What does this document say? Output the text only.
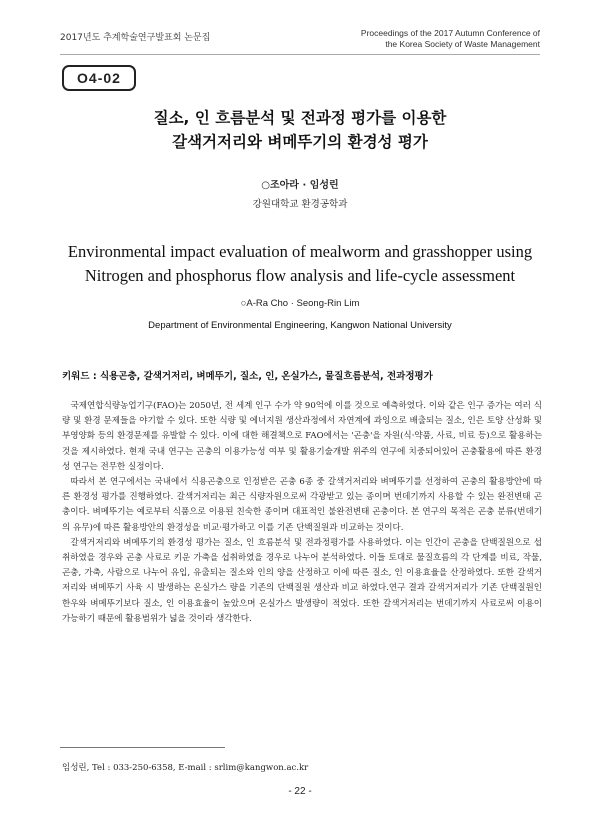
2017년도 추계학술연구발표회 논문집	Proceedings of the 2017 Autumn Conference of
the Korea Society of Waste Management
O4-02
질소, 인 흐름분석 및 전과정 평가를 이용한
갈색거저리와 벼메뚜기의 환경성 평가
○조아라 · 임성린
강원대학교 환경공학과
Environmental impact evaluation of mealworm and grasshopper using
Nitrogen and phosphorus flow analysis and life-cycle assessment
○A-Ra Cho · Seong-Rin Lim
Department of Environmental Engineering, Kangwon National University
키워드 : 식용곤충, 갈색거저리, 벼메뚜기, 질소, 인, 온실가스, 물질흐름분석, 전과정평가

국제연합식량농업기구(FAO)는 2050년, 전 세계 인구 수가 약 90억에 이를 것으로 예측하였다. 이와 같은 인구 증가는 여러 식량 및 환경 문제들을 야기할 수 있다. 또한 식량 및 에너지원 생산과정에서 자연계에 과잉으로 배출되는 질소, 인은 토양 산성화 및 부영양화 등의 환경문제를 유발할 수 있다. 이에 대한 해결책으로 FAO에서는 '곤충'을 자원(식·약품, 사료, 비료 등)으로 활용하는 것을 제시하였다. 현재 국내 연구는 곤충의 이용가능성 여부 및 활용기술개발 위주의 연구에 치중되어있어 곤충활용에 따른 환경성 연구는 전무한 실정이다.

따라서 본 연구에서는 국내에서 식용곤충으로 인정받은 곤충 6종 중 갈색거저리와 벼메뚜기를 선정하여 곤충의 활용방안에 따른 환경성 평가를 진행하였다. 갈색거저리는 최근 식량자원으로써 각광받고 있는 종이며 번데기까지 사용할 수 있는 완전변태 곤충이다. 벼메뚜기는 예로부터 식품으로 이용된 친숙한 종이며 대표적인 불완전변태 곤충이다. 본 연구의 목적은 곤충 분류(번데기의 유무)에 따른 활용방안의 환경성을 비교·평가하고 이를 기존 단백질원과 비교하는 것이다.

갈색거저리와 벼메뚜기의 환경성 평가는 질소, 인 흐름분석 및 전과정평가를 사용하였다. 이는 인간이 곤충을 단백질원으로 섭취하였을 경우와 곤충 사료로 키운 가축을 섭취하였을 경우로 나누어 분석하였다. 이들 토대로 물질흐름의 각 단계를 비료, 작물, 곤충, 가축, 사람으로 나누어 유입, 유출되는 질소와 인의 양을 산정하고 이에 따른 질소, 인 이용효율을 산정하였다. 또한 갈색거저리와 벼메뚜기 사육 시 발생하는 온실가스 량을 기존의 단백질원 생산과 비교 하였다.연구 결과 갈색거저리가 기존 단백질원인 한우와 벼메뚜기보다 질소, 인 이용효율이 높았으며 온실가스 발생량이 적었다. 또한 갈색거저리는 번데기까지 사료로써 이용이 가능하기 때문에 활용범위가 넓을 것이라 생각한다.

임성린, Tel : 033-250-6358, E-mail : srlim@kangwon.ac.kr
- 22 -
